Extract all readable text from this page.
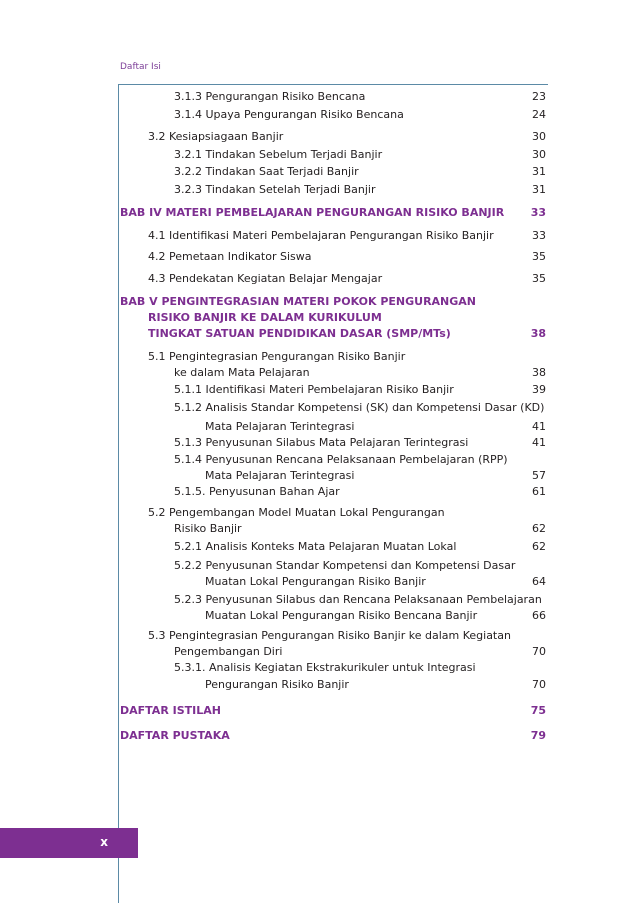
Daftar Isi
3.1.3 Pengurangan Risiko Bencana	23
3.1.4 Upaya Pengurangan Risiko Bencana	24
3.2 Kesiapsiagaan Banjir	30
3.2.1 Tindakan Sebelum Terjadi Banjir	30
3.2.2 Tindakan Saat Terjadi Banjir	31
3.2.3 Tindakan Setelah Terjadi Banjir	31
BAB IV MATERI PEMBELAJARAN PENGURANGAN RISIKO BANJIR	33
4.1 Identifikasi Materi Pembelajaran Pengurangan Risiko Banjir	33
4.2 Pemetaan Indikator Siswa	35
4.3 Pendekatan Kegiatan Belajar Mengajar	35
BAB V PENGINTEGRASIAN MATERI POKOK PENGURANGAN
RISIKO BANJIR KE DALAM KURIKULUM
TINGKAT SATUAN PENDIDIKAN DASAR (SMP/MTs)	38
5.1 Pengintegrasian Pengurangan Risiko Banjir
ke dalam Mata Pelajaran	38
5.1.1 Identifikasi Materi Pembelajaran Risiko Banjir	39
5.1.2 Analisis Standar Kompetensi (SK) dan Kompetensi Dasar (KD)
Mata Pelajaran Terintegrasi	41
5.1.3 Penyusunan Silabus Mata Pelajaran Terintegrasi	41
5.1.4 Penyusunan Rencana Pelaksanaan Pembelajaran (RPP)
Mata Pelajaran Terintegrasi	57
5.1.5. Penyusunan Bahan Ajar	61
5.2 Pengembangan Model Muatan Lokal Pengurangan
Risiko Banjir	62
5.2.1 Analisis Konteks Mata Pelajaran Muatan Lokal	62
5.2.2 Penyusunan Standar Kompetensi dan Kompetensi Dasar
Muatan Lokal Pengurangan Risiko Banjir	64
5.2.3 Penyusunan Silabus dan Rencana Pelaksanaan Pembelajaran
Muatan Lokal Pengurangan Risiko Bencana Banjir	66
5.3 Pengintegrasian Pengurangan Risiko Banjir ke dalam Kegiatan
Pengembangan Diri	70
5.3.1. Analisis Kegiatan Ekstrakurikuler untuk Integrasi
Pengurangan Risiko Banjir	70
DAFTAR ISTILAH	75
DAFTAR PUSTAKA	79
x
